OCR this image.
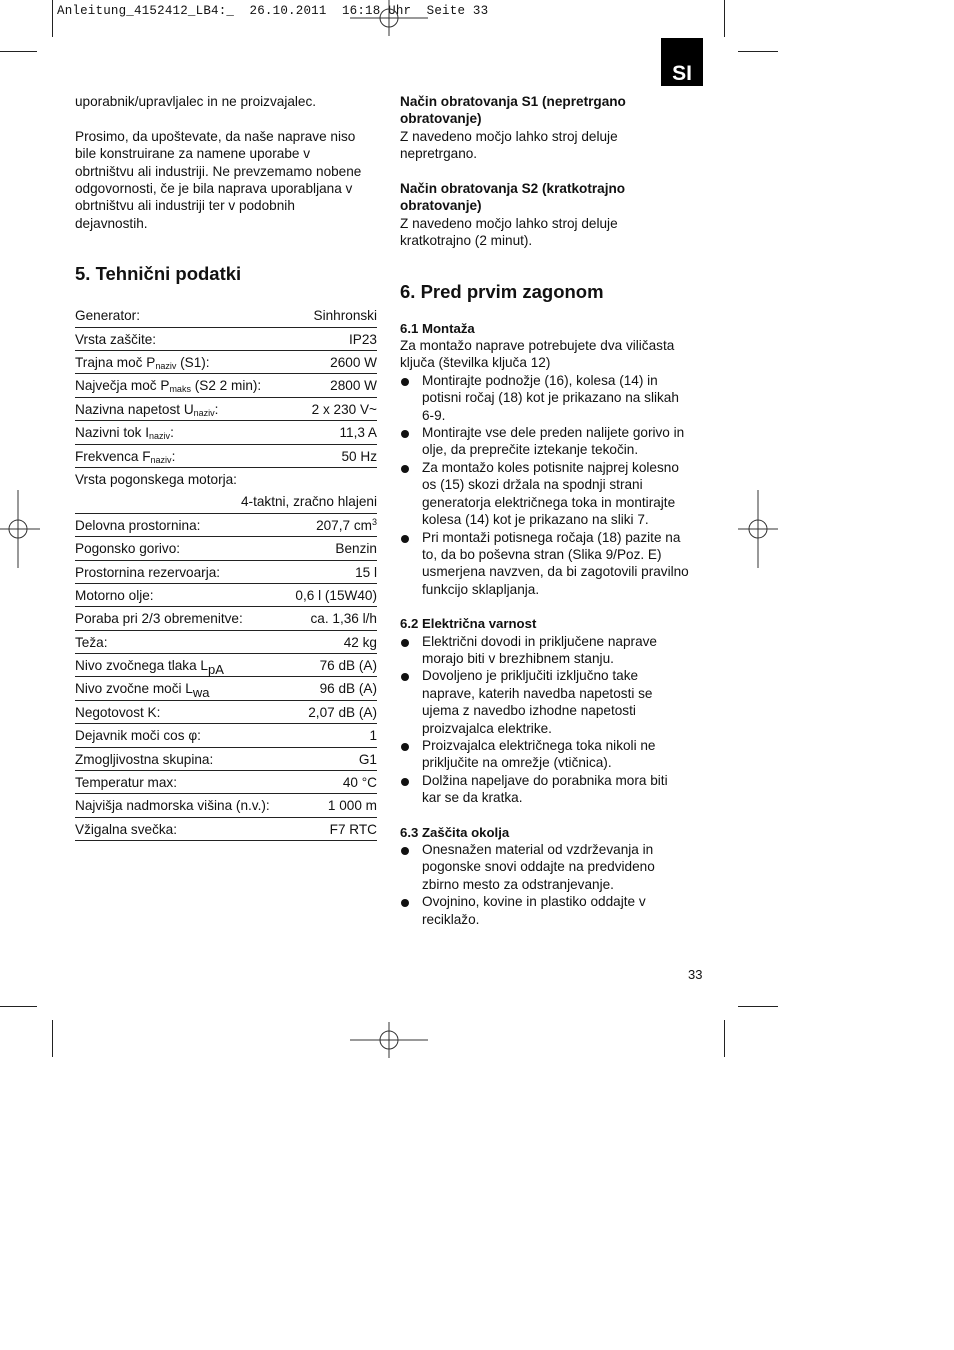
Anleitung_4152412_LB4:_  26.10.2011  16:18 Uhr  Seite 33
SI

uporabnik/upravljalec in ne proizvajalec.

Prosimo, da upoštevate, da naše naprave niso
bile konstruirane za namene uporabe v
obrtništvu ali industriji. Ne prevzemamo nobene
odgovornosti, če je bila naprava uporabljana v
obrtništvu ali industriji ter v podobnih
dejavnostih.

5. Tehnični podatki
Generator:	Sinhronski
Vrsta zaščite:	IP23
Trajna moč $P_{naziv}$ (S1):	2600 W
Največja moč $P_{maks}$ (S2 2 min):	2800 W
Nazivna napetost $U_{naziv}$:	2 x 230 V~
Nazivni tok $I_{naziv}$:	11,3 A
Frekvenca $F_{naziv}$:	50 Hz
Vrsta pogonskega motorja:	
4-taktni, zračno hlajeni	
Delovna prostornina:	207,7 $cm^3$
Pogonsko gorivo:	Benzin
Prostornina rezervoarja:	15 l
Motorno olje:	0,6 l (15W40)
Poraba pri 2/3 obremenitve:	ca. 1,36 l/h
Teža:	42 kg
Nivo zvočnega tlaka LpA	76 dB (A)
Nivo zvočne moči Lwa	96 dB (A)
Negotovost K:	2,07 dB (A)
Dejavnik moči cos φ:	1
Zmogljivostna skupina:	G1
Temperatur max:	40 °C
Najvišja nadmorska višina (n.v.):	1 000 m
Vžigalna svečka:	F7 RTC

Način obratovanja S1 (nepretrgano
obratovanje)

Z navedeno močjo lahko stroj deluje
nepretrgano.

Način obratovanja S2 (kratkotrajno
obratovanje)

Z navedeno močjo lahko stroj deluje
kratkotrajno (2 minut).

6. Pred prvim zagonom

6.1 Montaža

Za montažo naprave potrebujete dva viličasta
ključa (številka ključa 12)

Montirajte podnožje (16), kolesa (14) in
potisni ročaj (18) kot je prikazano na slikah
6-9.
Montirajte vse dele preden nalijete gorivo in
olje, da preprečite iztekanje tekočin.
Za montažo koles potisnite najprej kolesno
os (15) skozi držala na spodnji strani
generatorja električnega toka in montirajte
kolesa (14) kot je prikazano na sliki 7.
Pri montaži potisnega ročaja (18) pazite na
to, da bo poševna stran (Slika 9/Poz. E)
usmerjena navzven, da bi zagotovili pravilno
funkcijo sklapljanja.

6.2 Električna varnost

Električni dovodi in priključene naprave
morajo biti v brezhibnem stanju.
Dovoljeno je priključiti izključno take
naprave, katerih navedba napetosti se
ujema z navedbo izhodne napetosti
proizvajalca elektrike.
Proizvajalca električnega toka nikoli ne
priključite na omrežje (vtičnica).
Dolžina napeljave do porabnika mora biti
kar se da kratka.

6.3 Zaščita okolja

Onesnažen material od vzdrževanja in
pogonske snovi oddajte na predvideno
zbirno mesto za odstranjevanje.
Ovojnino, kovine in plastiko oddajte v
reciklažo.
33
